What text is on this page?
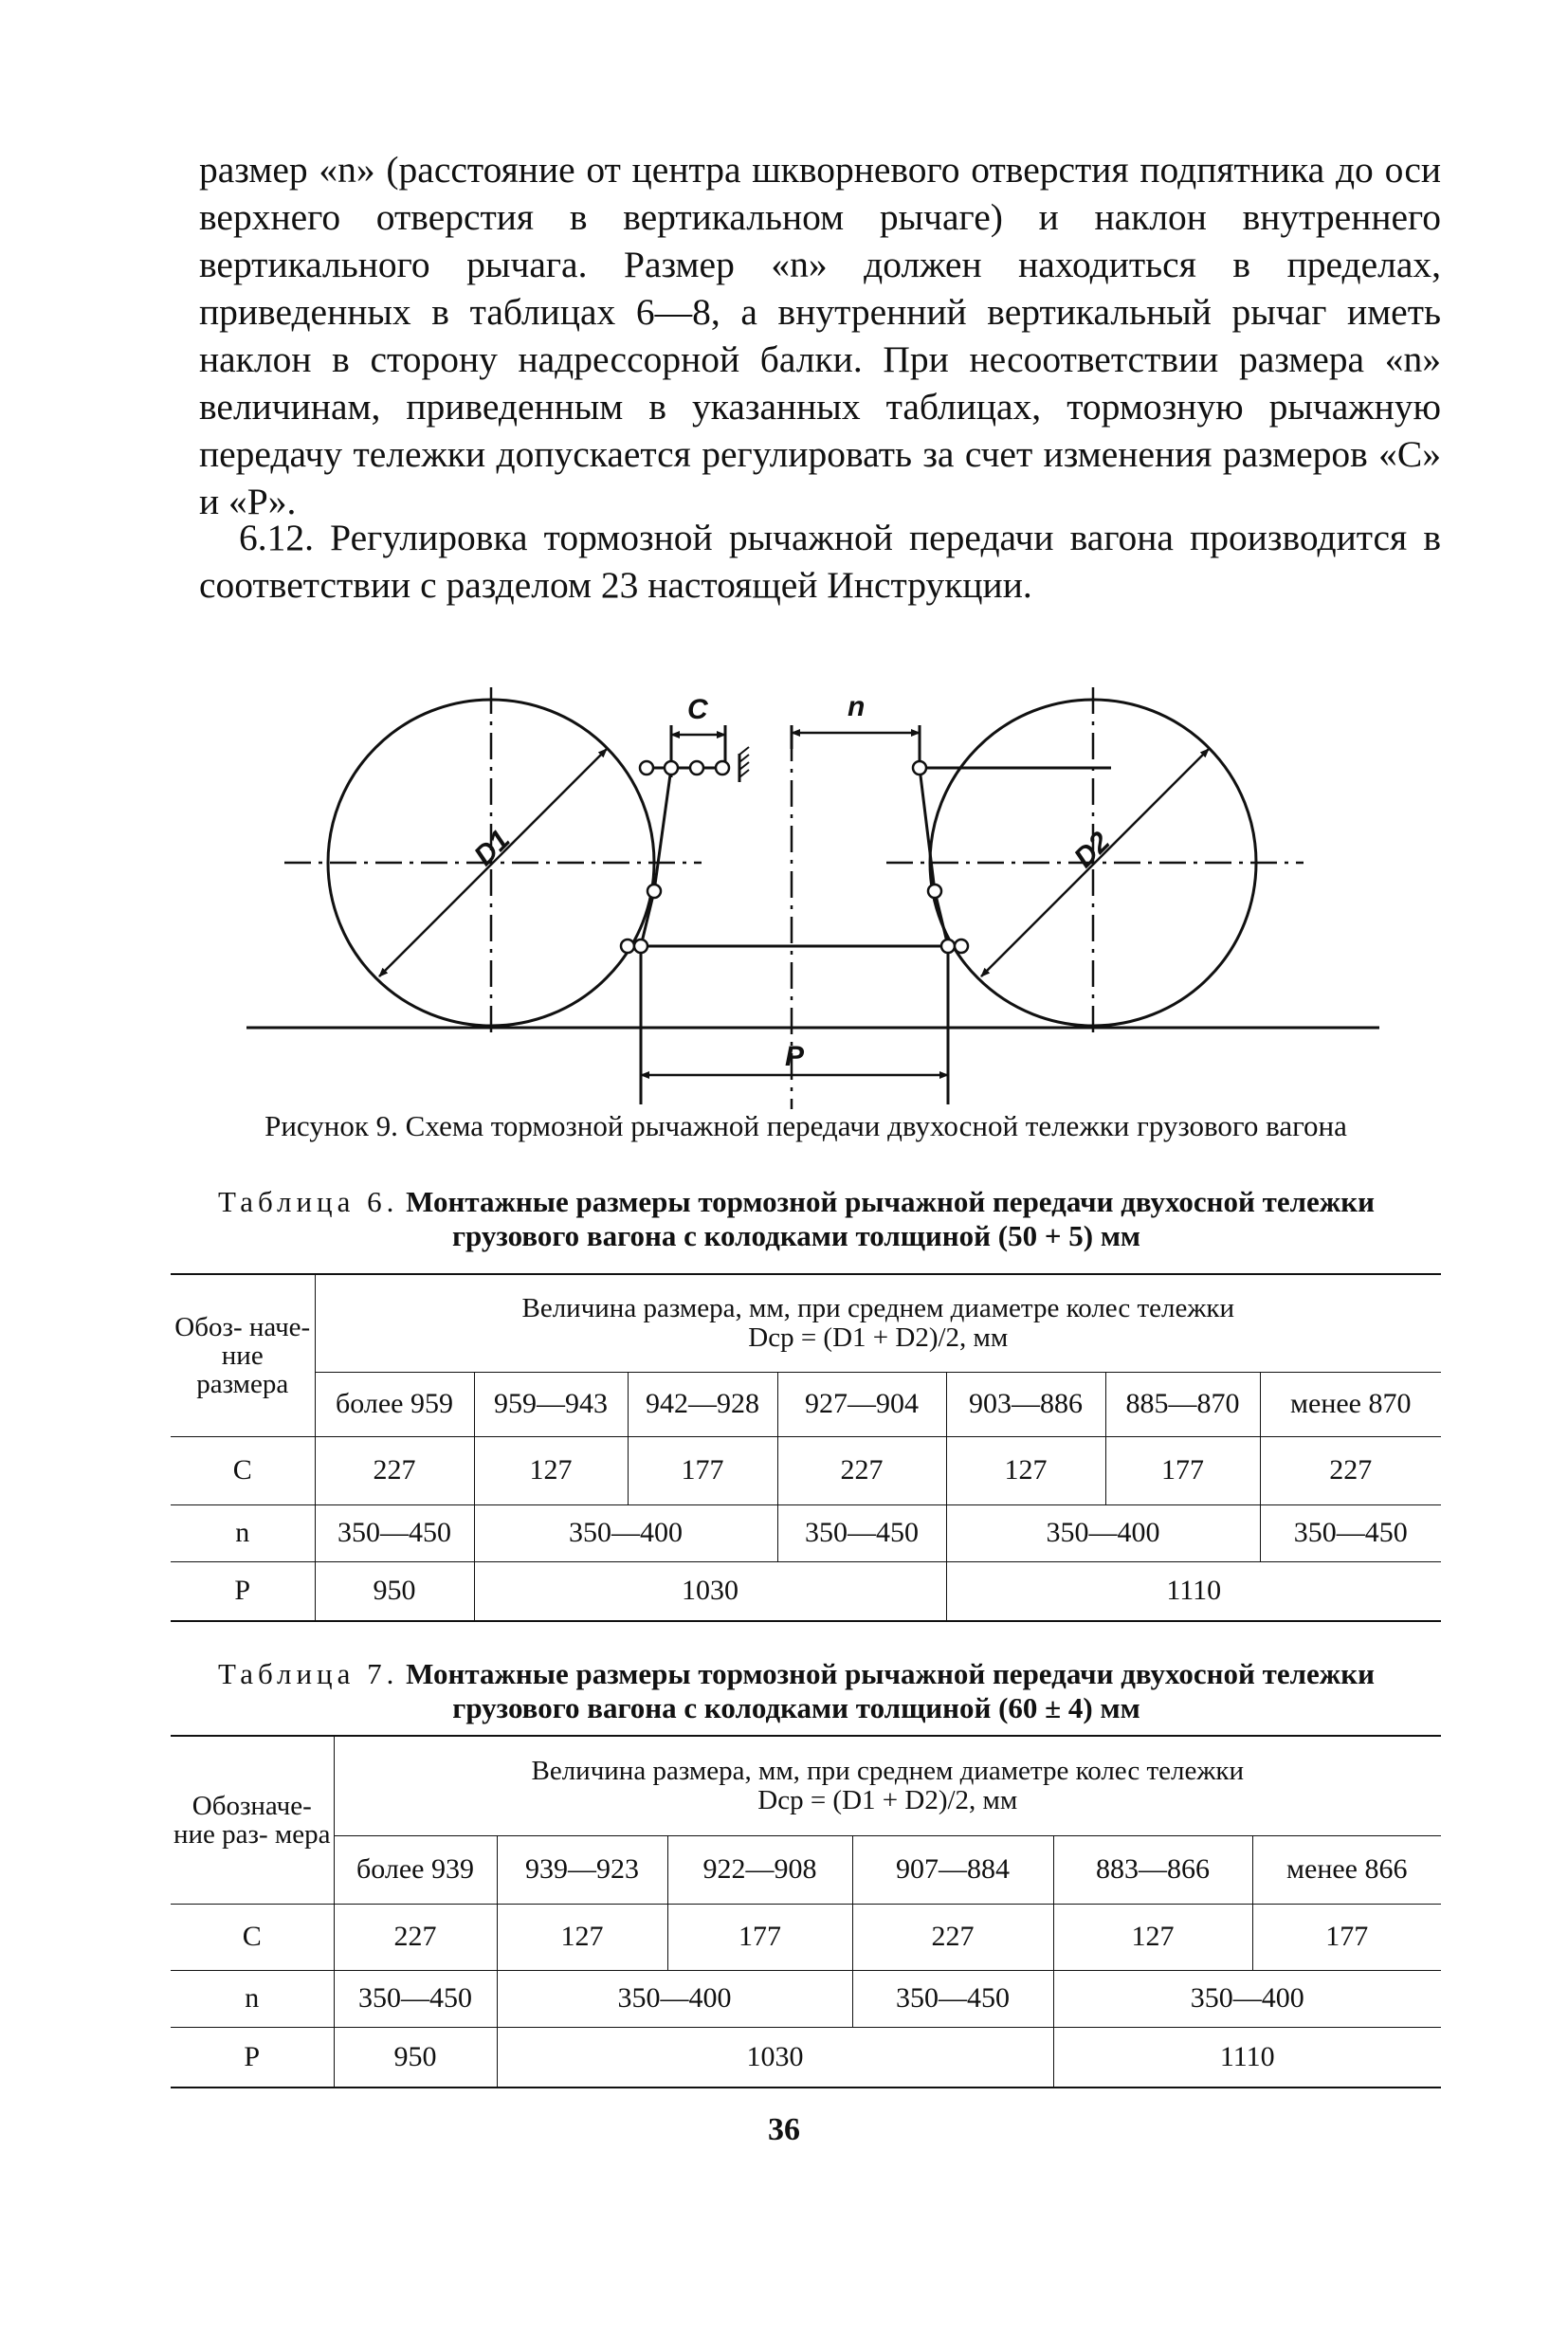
размер «n» (расстояние от центра шкворневого отверстия подпятника до оси верхнего отверстия в вертикальном рычаге) и наклон внутреннего вертикального рычага. Размер «n» должен находиться в пределах, приведенных в таблицах 6—8, а внутренний вертикальный рычаг иметь наклон в сторону надрессорной балки. При несоответствии размера «n» величинам, приведенным в указанных таблицах, тормозную рычажную передачу тележки допускается регулировать за счет изменения размеров «C» и «P».

6.12. Регулировка тормозной рычажной передачи вагона производится в соответствии с разделом 23 настоящей Инструкции.

C	n
D1	D2
P

Рисунок 9. Схема тормозной рычажной передачи двухосной тележки грузового вагона

Таблица 6. Монтажные размеры тормозной рычажной передачи двухосной тележки грузового вагона с колодками толщиной (50 + 5) мм

Обоз- наче- ние размера	Величина размера, мм, при среднем диаметре колес тележки
Dср = (D1 + D2)/2, мм						

	более 959	959—943	942—928	927—904	903—886	885—870	менее 870
С	227	127	177	227	127	177	227
n	350—450	350—400		350—450	350—400		350—450
Р	950	1030			1110		

Таблица 7. Монтажные размеры тормозной рычажной передачи двухосной тележки грузового вагона с колодками толщиной (60 ± 4) мм

Обозначе- ние раз- мера	Величина размера, мм, при среднем диаметре колес тележки
Dср = (D1 + D2)/2, мм					

	более 939	939—923	922—908	907—884	883—866	менее 866
С	227	127	177	227	127	177
n	350—450	350—400		350—450	350—400	
Р	950	1030			1110	

36
